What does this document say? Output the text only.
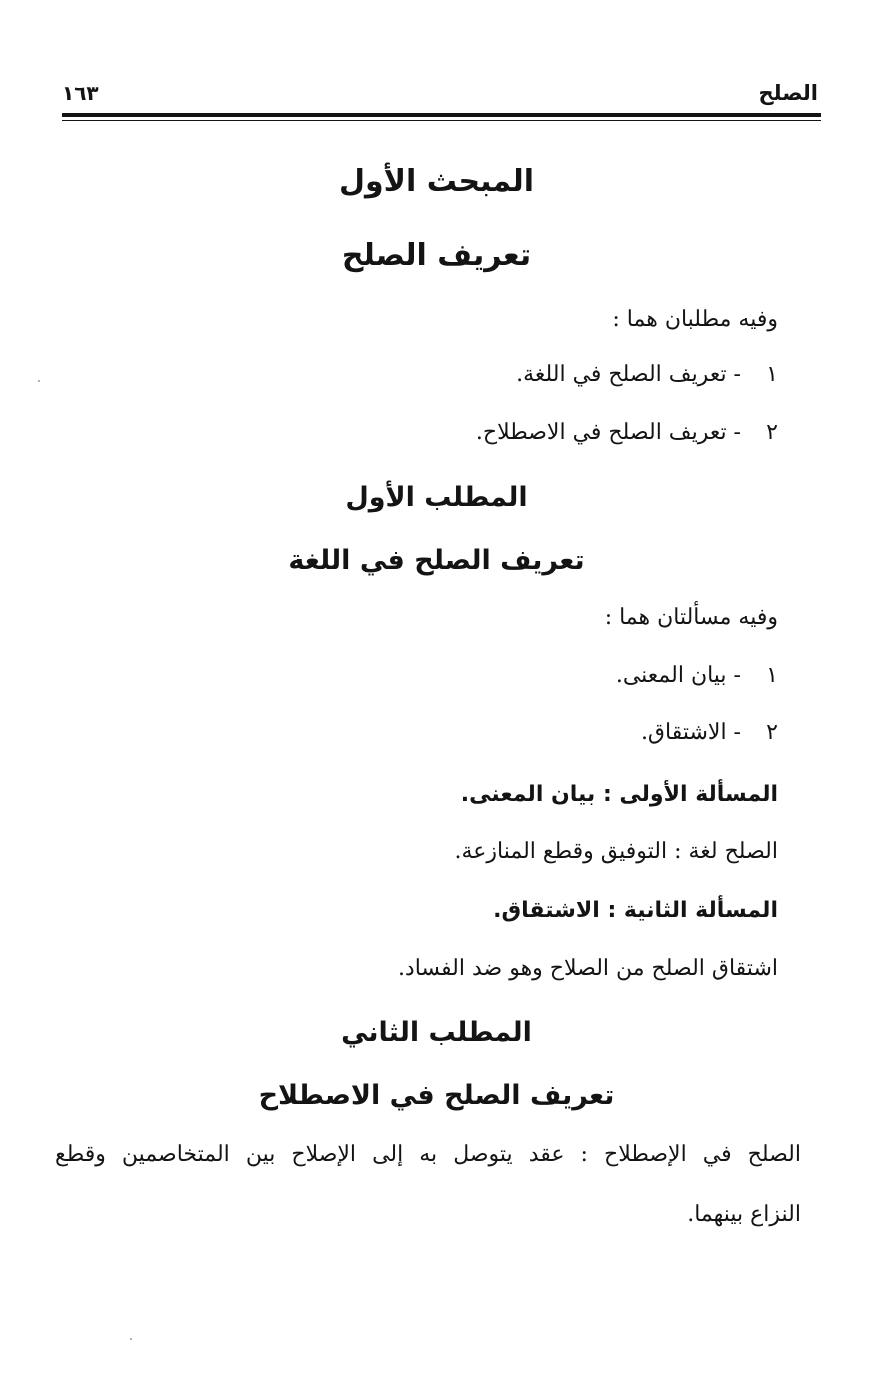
الصلح
١٦٣
المبحث الأول
تعريف الصلح
وفيه مطلبان هما :
١ - تعريف الصلح في اللغة.
٢ - تعريف الصلح في الاصطلاح.
المطلب الأول
تعريف الصلح في اللغة
وفيه مسألتان هما :
١ - بيان المعنى.
٢ - الاشتقاق.
المسألة الأولى : بيان المعنى.
الصلح لغة : التوفيق وقطع المنازعة.
المسألة الثانية : الاشتقاق.
اشتقاق الصلح من الصلاح وهو ضد الفساد.
المطلب الثاني
تعريف الصلح في الاصطلاح
الصلح في الإصطلاح : عقد يتوصل به إلى الإصلاح بين المتخاصمين وقطع
النزاع بينهما.
